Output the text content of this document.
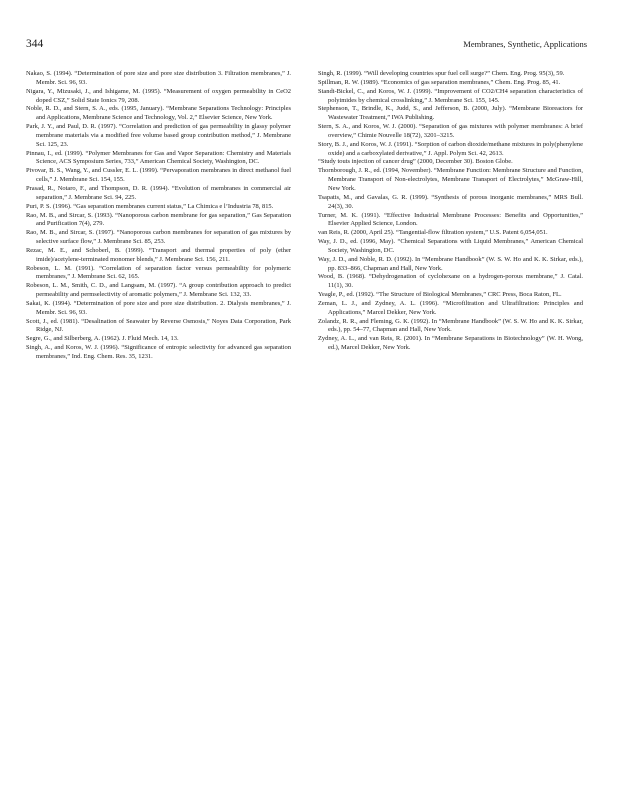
344	Membranes, Synthetic, Applications

Nakao, S. (1994). “Determination of pore size and pore size distribution 3. Filtration membranes,” J. Membr. Sci. 96, 93.

Nigara, Y., Mizusaki, J., and Ishigame, M. (1995). “Measurement of oxygen permeability in CeO2 doped CSZ,” Solid State Ionics 79, 208.

Noble, R. D., and Stern, S. A., eds. (1995, January). “Membrane Separations Technology: Principles and Applications, Membrane Science and Technology, Vol. 2,” Elsevier Science, New York.

Park, J. Y., and Paul, D. R. (1997). “Correlation and prediction of gas permeability in glassy polymer membrane materials via a modified free volume based group contribution method,” J. Membrane Sci. 125, 23.

Pinnau, I., ed. (1999). “Polymer Membranes for Gas and Vapor Separation: Chemistry and Materials Science, ACS Symposium Series, 733,” American Chemical Society, Washington, DC.

Pivovar, B. S., Wang, Y., and Cussler, E. L. (1999). “Pervaporation membranes in direct methanol fuel cells,” J. Membrane Sci. 154, 155.

Prasad, R., Notaro, F., and Thompson, D. R. (1994). “Evolution of membranes in commercial air separation,” J. Membrane Sci. 94, 225.

Puri, P. S. (1996). “Gas separation membranes current status,” La Chimica e l’Industria 78, 815.

Rao, M. B., and Sircar, S. (1993). “Nanoporous carbon membrane for gas separation,” Gas Separation and Purification 7(4), 279.

Rao, M. B., and Sircar, S. (1997). “Nanoporous carbon membranes for separation of gas mixtures by selective surface flow,” J. Membrane Sci. 85, 253.

Rezac, M. E., and Schoberl, B. (1999). “Transport and thermal properties of poly (ether imide)/acetylene-terminated monomer blends,” J. Membrane Sci. 156, 211.

Robeson, L. M. (1991). “Correlation of separation factor versus permeability for polymeric membranes,” J. Membrane Sci. 62, 165.

Robeson, L. M., Smith, C. D., and Langsam, M. (1997). “A group contribution approach to predict permeability and permselectivity of aromatic polymers,” J. Membrane Sci. 132, 33.

Sakai, K. (1994). “Determination of pore size and pore size distribution. 2. Dialysis membranes,” J. Membr. Sci. 96, 93.

Scott, J., ed. (1981). “Desalination of Seawater by Reverse Osmosis,” Noyes Data Corporation, Park Ridge, NJ.

Segre, G., and Silberberg, A. (1962). J. Fluid Mech. 14, 13.

Singh, A., and Koros, W. J. (1996). “Significance of entropic selectivity for advanced gas separation membranes,” Ind. Eng. Chem. Res. 35, 1231.

Singh, R. (1999). “Will developing countries spur fuel cell surge?” Chem. Eng. Prog. 95(3), 59.

Spillman, R. W. (1989). “Economics of gas separation membranes,” Chem. Eng. Prog. 85, 41.

Standt-Bickel, C., and Koros, W. J. (1999). “Improvement of CO2/CH4 separation characteristics of polyimides by chemical crosslinking,” J. Membrane Sci. 155, 145.

Stephenson, T., Brindle, K., Judd, S., and Jefferson, B. (2000, July). “Membrane Bioreactors for Wastewater Treatment,” IWA Publishing.

Stern, S. A., and Koros, W. J. (2000). “Separation of gas mixtures with polymer membranes: A brief overview,” Chimie Nouvelle 18(72), 3201–3215.

Story, B. J., and Koros, W. J. (1991). “Sorption of carbon dioxide/methane mixtures in poly(phenylene oxide) and a carboxylated derivative,” J. Appl. Polym Sci. 42, 2613.

“Study touts injection of cancer drug” (2000, December 30). Boston Globe.

Thornborough, J. R., ed. (1994, November). “Membrane Function: Membrane Structure and Function, Membrane Transport of Non-electrolytes, Membrane Transport of Electrolytes,” McGraw-Hill, New York.

Tsapatis, M., and Gavalas, G. R. (1999). “Synthesis of porous inorganic membranes,” MRS Bull. 24(3), 30.

Turner, M. K. (1991). “Effective Industrial Membrane Processes: Benefits and Opportunities,” Elsevier Applied Science, London.

van Reis, R. (2000, April 25). “Tangential-flow filtration system,” U.S. Patent 6,054,051.

Way, J. D., ed. (1996, May). “Chemical Separations with Liquid Membranes,” American Chemical Society, Washington, DC.

Way, J. D., and Noble, R. D. (1992). In “Membrane Handbook” (W. S. W. Ho and K. K. Sirkar, eds.), pp. 833–866, Chapman and Hall, New York.

Wood, B. (1968). “Dehydrogenation of cyclohexane on a hydrogen-porous membrane,” J. Catal. 11(1), 30.

Yeagle, P., ed. (1992). “The Structure of Biological Membranes,” CRC Press, Boca Raton, FL.

Zeman, L. J., and Zydney, A. L. (1996). “Microfiltration and Ultrafiltration: Principles and Applications,” Marcel Dekker, New York.

Zolandz, R. R., and Fleming, G. K. (1992). In “Membrane Handbook” (W. S. W. Ho and K. K. Sirkar, eds.), pp. 54–77, Chapman and Hall, New York.

Zydney, A. L., and van Reis, R. (2001). In “Membrane Separations in Biotechnology” (W. H. Wong, ed.), Marcel Dekker, New York.
